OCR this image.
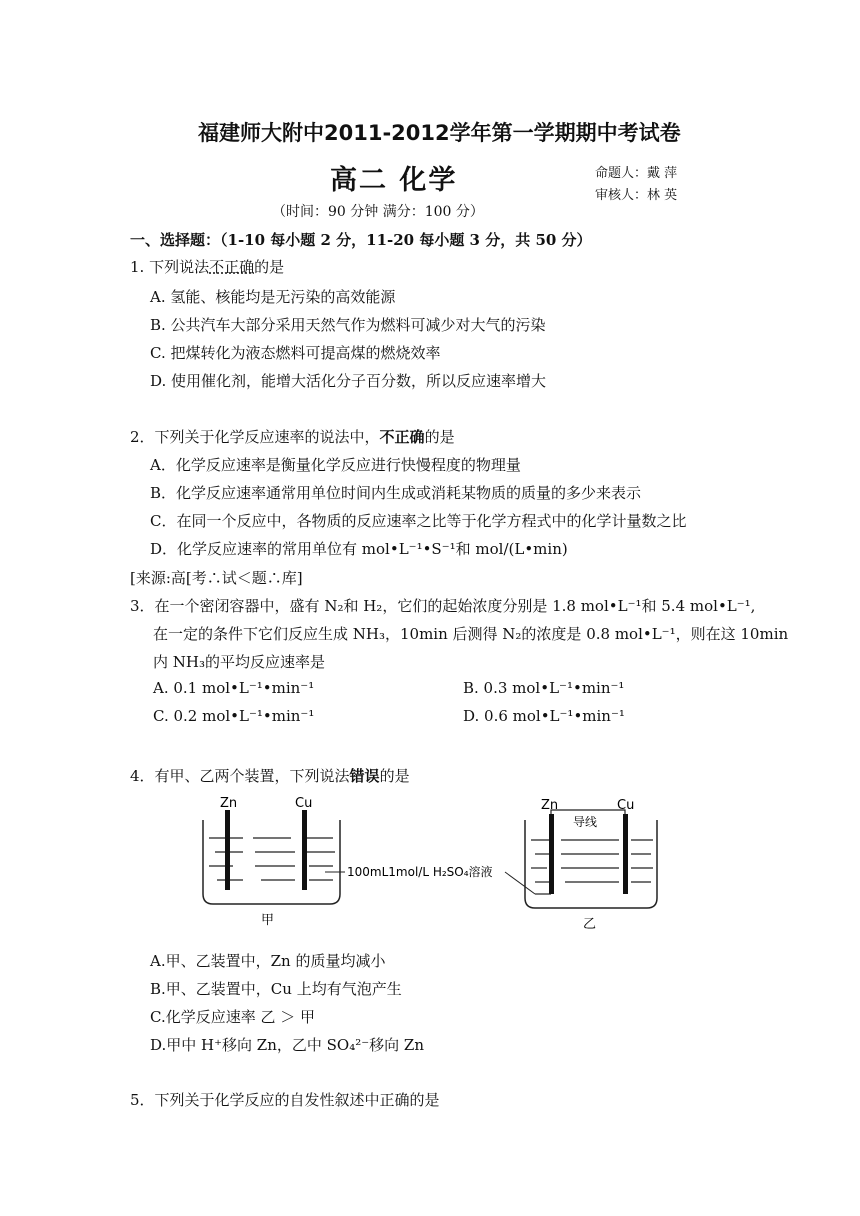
福建师大附中2011-2012学年第一学期期中考试卷
高二 化学	命题人：戴 萍
审核人：林 英
（时间：90 分钟 满分：100 分）
一、选择题：（1-10 每小题 2 分，11-20 每小题 3 分，共 50 分）
1. 下列说法不正确的是
A. 氢能、核能均是无污染的高效能源
B. 公共汽车大部分采用天然气作为燃料可减少对大气的污染
C. 把煤转化为液态燃料可提高煤的燃烧效率
D. 使用催化剂，能增大活化分子百分数，所以反应速率增大
2．下列关于化学反应速率的说法中，不正确的是
A．化学反应速率是衡量化学反应进行快慢程度的物理量
B．化学反应速率通常用单位时间内生成或消耗某物质的质量的多少来表示
C．在同一个反应中，各物质的反应速率之比等于化学方程式中的化学计量数之比
D．化学反应速率的常用单位有 mol•L⁻¹•S⁻¹和 mol/(L•min)
[来源:高[考∴试＜题∴库]
3．在一个密闭容器中，盛有 N₂和 H₂，它们的起始浓度分别是 1.8 mol•L⁻¹和 5.4 mol•L⁻¹,
在一定的条件下它们反应生成 NH₃，10min 后测得 N₂的浓度是 0.8 mol•L⁻¹，则在这 10min
内 NH₃的平均反应速率是
A. 0.1 mol•L⁻¹•min⁻¹	B. 0.3 mol•L⁻¹•min⁻¹
C. 0.2 mol•L⁻¹•min⁻¹	D. 0.6 mol•L⁻¹•min⁻¹
4．有甲、乙两个装置，下列说法错误的是
Zn	Cu
甲
100mL1mol/L H₂SO₄溶液
Zn	Cu
导线
乙
A.甲、乙装置中，Zn 的质量均减小
B.甲、乙装置中，Cu 上均有气泡产生
C.化学反应速率 乙 ＞ 甲
D.甲中 H⁺移向 Zn，乙中 SO₄²⁻移向 Zn
5．下列关于化学反应的自发性叙述中正确的是
